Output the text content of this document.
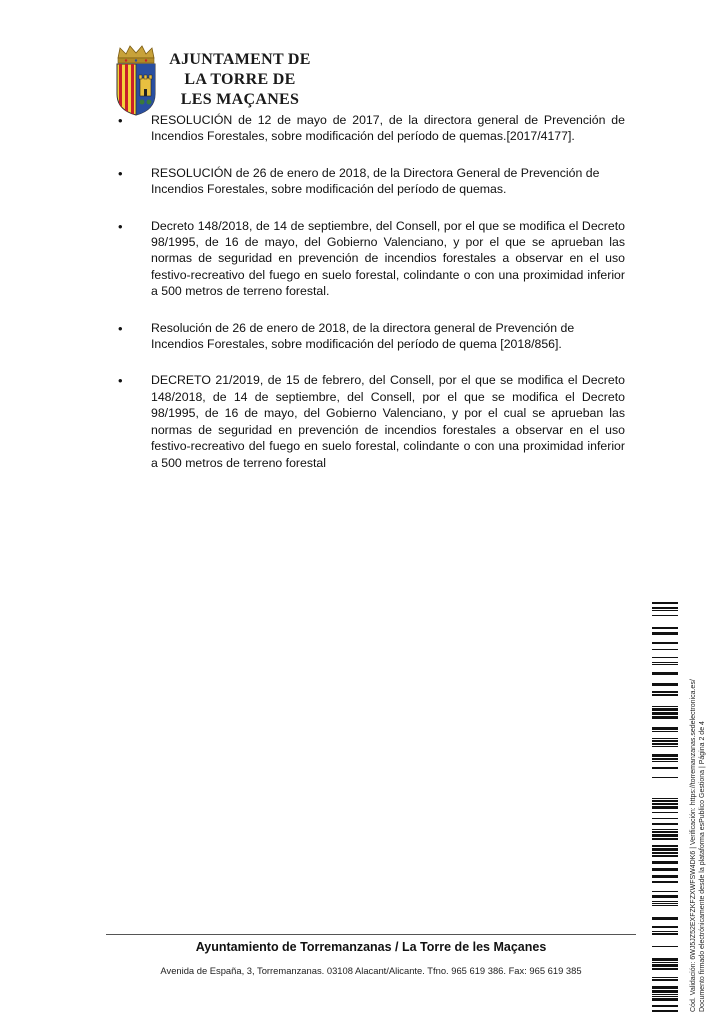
AJUNTAMENT DE
LA TORRE DE
LES MAÇANES
• RESOLUCIÓN de 12 de mayo de 2017, de la directora general de Prevención de Incendios Forestales, sobre modificación del período de quemas.[2017/4177].
• RESOLUCIÓN de 26 de enero de 2018, de la Directora General de Prevención de Incendios Forestales, sobre modificación del período de quemas.
• Decreto 148/2018, de 14 de septiembre, del Consell, por el que se modifica el Decreto 98/1995, de 16 de mayo, del Gobierno Valenciano, y por el que se aprueban las normas de seguridad en prevención de incendios forestales a observar en el uso festivo-recreativo del fuego en suelo forestal, colindante o con una proximidad inferior a 500 metros de terreno forestal.
• Resolución de 26 de enero de 2018, de la directora general de Prevención de Incendios Forestales, sobre modificación del período de quema [2018/856].
• DECRETO 21/2019, de 15 de febrero, del Consell, por el que se modifica el Decreto 148/2018, de 14 de septiembre, del Consell, por el que se modifica el Decreto 98/1995, de 16 de mayo, del Gobierno Valenciano, y por el cual se aprueban las normas de seguridad en prevención de incendios forestales a observar en el uso festivo-recreativo del fuego en suelo forestal, colindante o con una proximidad inferior a 500 metros de terreno forestal
Ayuntamiento de Torremanzanas / La Torre de les Maçanes
Avenida de España, 3, Torremanzanas. 03108 Alacant/Alicante. Tfno. 965 619 386. Fax: 965 619 385	Cód. Validación: 6WJ5JZ52EXFZKFZXWFSW4DK6 | Verificación: https://torremanzanas.sedelectronica.es/ Documento firmado electrónicamente desde la plataforma esPublico Gestiona | Página 2 de 4
